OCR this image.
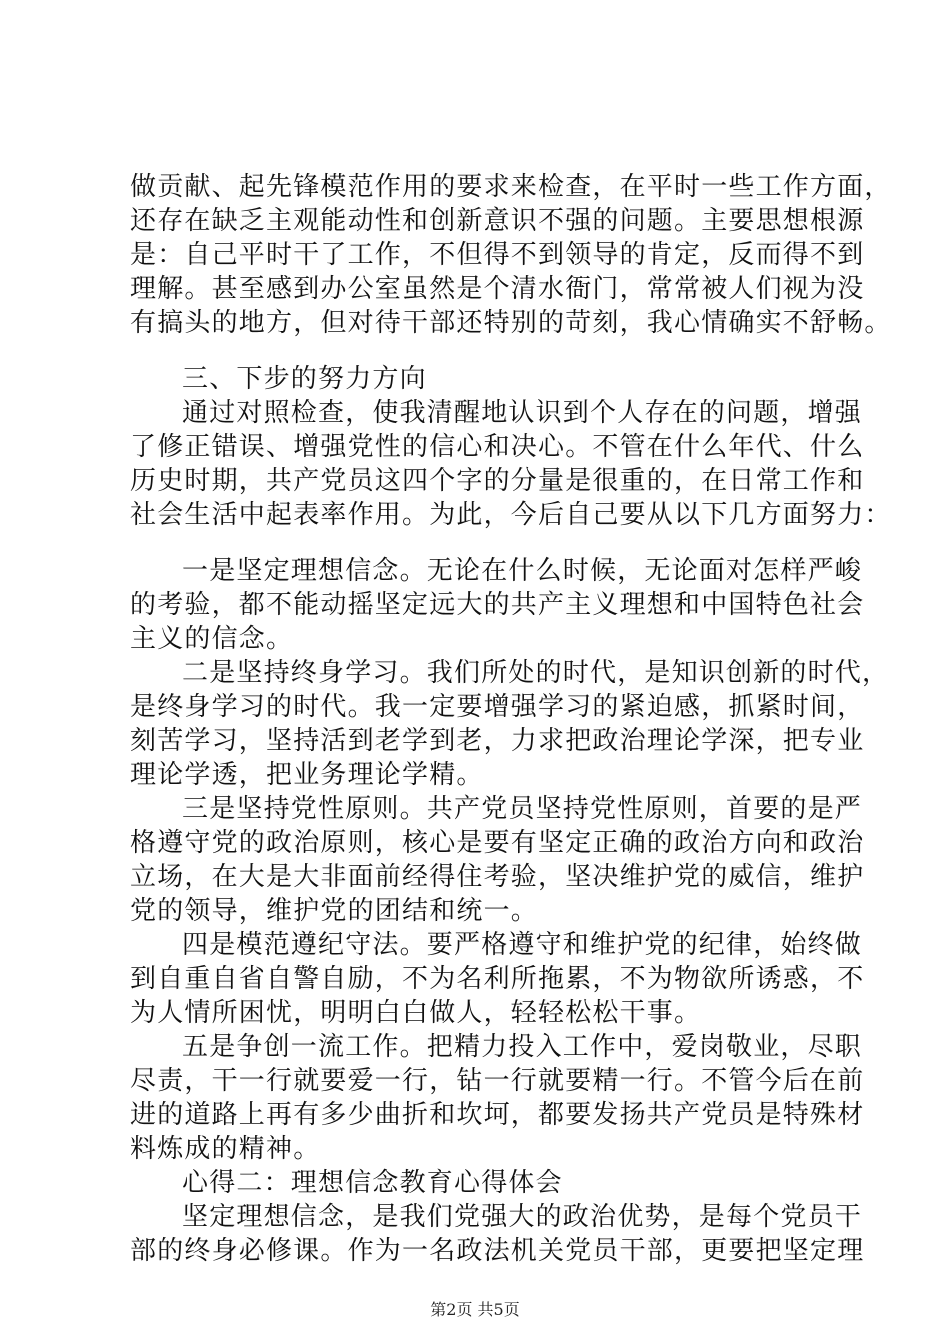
做贡献、起先锋模范作用的要求来检查，在平时一些工作方面，
还存在缺乏主观能动性和创新意识不强的问题。主要思想根源
是：自己平时干了工作，不但得不到领导的肯定，反而得不到
理解。甚至感到办公室虽然是个清水衙门，常常被人们视为没
有搞头的地方，但对待干部还特别的苛刻，我心情确实不舒畅。
三、下步的努力方向
通过对照检查，使我清醒地认识到个人存在的问题，增强
了修正错误、增强党性的信心和决心。不管在什么年代、什么
历史时期，共产党员这四个字的分量是很重的，在日常工作和
社会生活中起表率作用。为此，今后自己要从以下几方面努力：
一是坚定理想信念。无论在什么时候，无论面对怎样严峻
的考验，都不能动摇坚定远大的共产主义理想和中国特色社会
主义的信念。
二是坚持终身学习。我们所处的时代，是知识创新的时代，
是终身学习的时代。我一定要增强学习的紧迫感，抓紧时间，
刻苦学习，坚持活到老学到老，力求把政治理论学深，把专业
理论学透，把业务理论学精。
三是坚持党性原则。共产党员坚持党性原则，首要的是严
格遵守党的政治原则，核心是要有坚定正确的政治方向和政治
立场，在大是大非面前经得住考验，坚决维护党的威信，维护
党的领导，维护党的团结和统一。
四是模范遵纪守法。要严格遵守和维护党的纪律，始终做
到自重自省自警自励，不为名利所拖累，不为物欲所诱惑，不
为人情所困忧，明明白白做人，轻轻松松干事。
五是争创一流工作。把精力投入工作中，爱岗敬业，尽职
尽责，干一行就要爱一行，钻一行就要精一行。不管今后在前
进的道路上再有多少曲折和坎坷，都要发扬共产党员是特殊材
料炼成的精神。
心得二：理想信念教育心得体会
坚定理想信念，是我们党强大的政治优势，是每个党员干
部的终身必修课。作为一名政法机关党员干部，更要把坚定理
第2页 共5页
